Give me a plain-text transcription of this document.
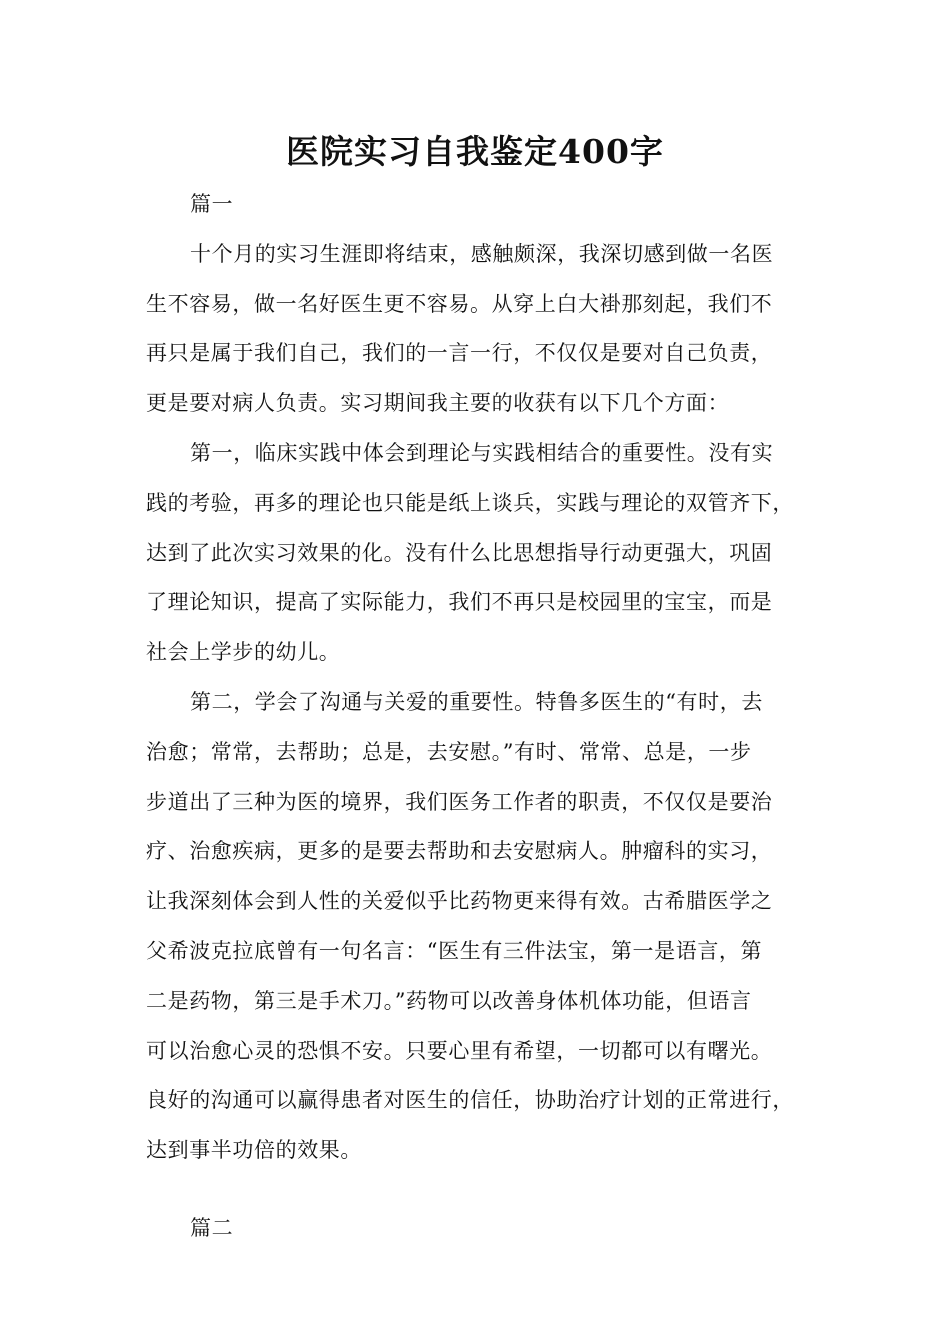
医院实习自我鉴定400字
篇一
十个月的实习生涯即将结束，感触颇深，我深切感到做一名医
生不容易，做一名好医生更不容易。从穿上白大褂那刻起，我们不
再只是属于我们自己，我们的一言一行，不仅仅是要对自己负责，
更是要对病人负责。实习期间我主要的收获有以下几个方面：
第一，临床实践中体会到理论与实践相结合的重要性。没有实
践的考验，再多的理论也只能是纸上谈兵，实践与理论的双管齐下，
达到了此次实习效果的化。没有什么比思想指导行动更强大，巩固
了理论知识，提高了实际能力，我们不再只是校园里的宝宝，而是
社会上学步的幼儿。
第二，学会了沟通与关爱的重要性。特鲁多医生的“有时，去
治愈；常常，去帮助；总是，去安慰。”有时、常常、总是，一步
步道出了三种为医的境界，我们医务工作者的职责，不仅仅是要治
疗、治愈疾病，更多的是要去帮助和去安慰病人。肿瘤科的实习，
让我深刻体会到人性的关爱似乎比药物更来得有效。古希腊医学之
父希波克拉底曾有一句名言：“医生有三件法宝，第一是语言，第
二是药物，第三是手术刀。”药物可以改善身体机体功能，但语言
可以治愈心灵的恐惧不安。只要心里有希望，一切都可以有曙光。
良好的沟通可以赢得患者对医生的信任，协助治疗计划的正常进行，
达到事半功倍的效果。
篇二
